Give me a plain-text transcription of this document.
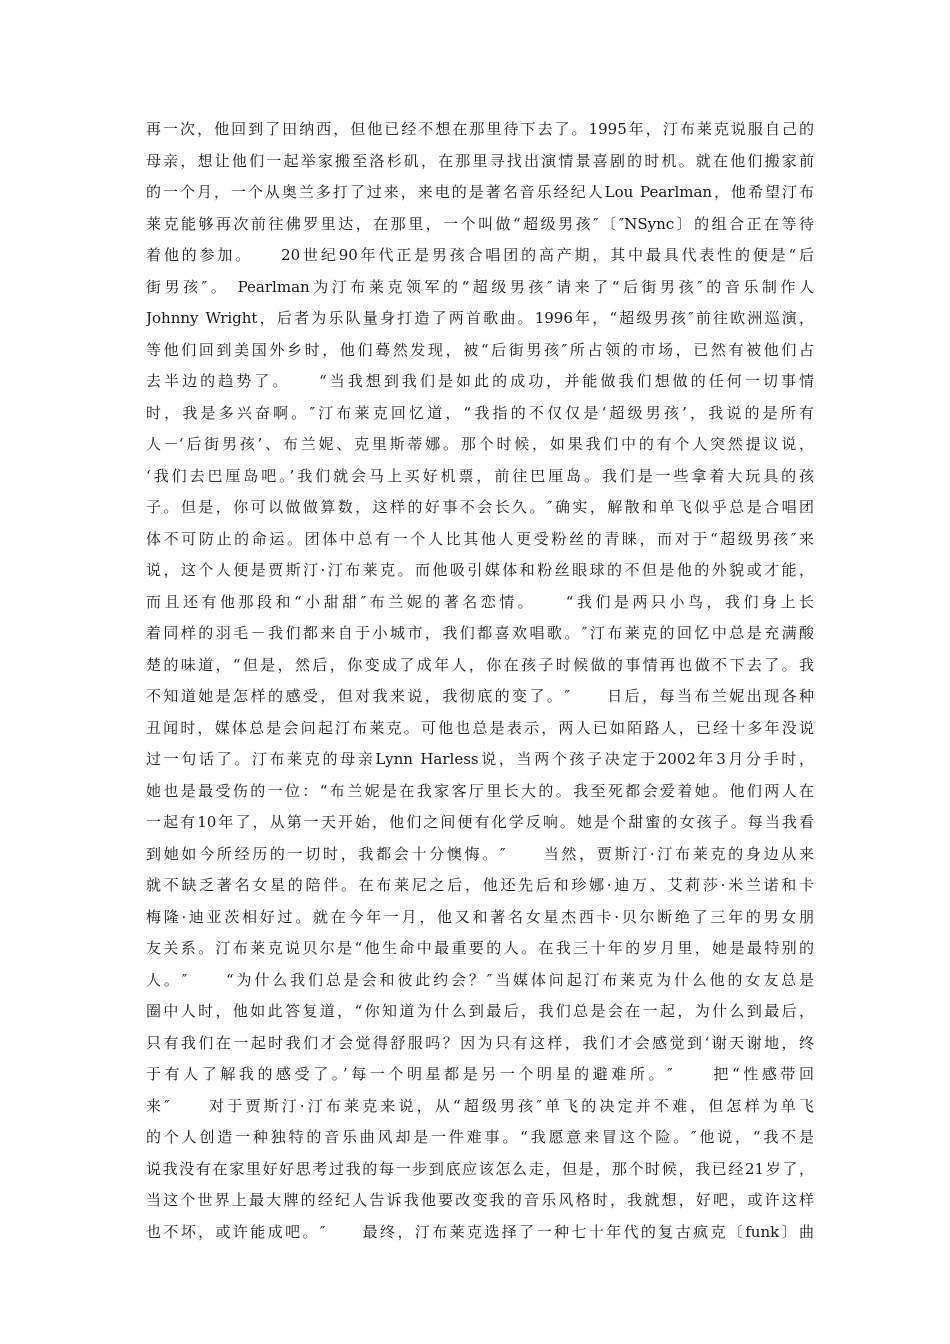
再一次，他回到了田纳西，但他已经不想在那里待下去了。1995年，汀布莱克说服自己的
母亲，想让他们一起举家搬至洛杉矶，在那里寻找出演情景喜剧的时机。就在他们搬家前
的一个月，一个从奥兰多打了过来，来电的是著名音乐经纪人Lou Pearlman，他希望汀布
莱克能够再次前往佛罗里达，在那里，一个叫做“超级男孩″〔″NSync〕的组合正在等待
着他的参加。　　20世纪90年代正是男孩合唱团的高产期，其中最具代表性的便是“后
街男孩″。 Pearlman为汀布莱克领军的“超级男孩″请来了“后街男孩″的音乐制作人
Johnny Wright，后者为乐队量身打造了两首歌曲。1996年，“超级男孩″前往欧洲巡演，
等他们回到美国外乡时，他们蓦然发现，被“后街男孩″所占领的市场，已然有被他们占
去半边的趋势了。　　“当我想到我们是如此的成功，并能做我们想做的任何一切事情
时，我是多兴奋啊。″汀布莱克回忆道，“我指的不仅仅是‘超级男孩’，我说的是所有
人－‘后街男孩’、布兰妮、克里斯蒂娜。那个时候，如果我们中的有个人突然提议说，
‘我们去巴厘岛吧。’我们就会马上买好机票，前往巴厘岛。我们是一些拿着大玩具的孩
子。但是，你可以做做算数，这样的好事不会长久。″确实，解散和单飞似乎总是合唱团
体不可防止的命运。团体中总有一个人比其他人更受粉丝的青睐，而对于“超级男孩″来
说，这个人便是贾斯汀·汀布莱克。而他吸引媒体和粉丝眼球的不但是他的外貌或才能，
而且还有他那段和“小甜甜″布兰妮的著名恋情。　　“我们是两只小鸟，我们身上长
着同样的羽毛－我们都来自于小城市，我们都喜欢唱歌。″汀布莱克的回忆中总是充满酸
楚的味道，“但是，然后，你变成了成年人，你在孩子时候做的事情再也做不下去了。我
不知道她是怎样的感受，但对我来说，我彻底的变了。″　　日后，每当布兰妮出现各种
丑闻时，媒体总是会问起汀布莱克。可他也总是表示，两人已如陌路人，已经十多年没说
过一句话了。汀布莱克的母亲Lynn Harless说，当两个孩子决定于2002年3月分手时，
她也是最受伤的一位：“布兰妮是在我家客厅里长大的。我至死都会爱着她。他们两人在
一起有10年了，从第一天开始，他们之间便有化学反响。她是个甜蜜的女孩子。每当我看
到她如今所经历的一切时，我都会十分懊悔。″　　当然，贾斯汀·汀布莱克的身边从来
就不缺乏著名女星的陪伴。在布莱尼之后，他还先后和珍娜·迪万、艾莉莎·米兰诺和卡
梅隆·迪亚茨相好过。就在今年一月，他又和著名女星杰西卡·贝尔断绝了三年的男女朋
友关系。汀布莱克说贝尔是“他生命中最重要的人。在我三十年的岁月里，她是最特别的
人。″　　“为什么我们总是会和彼此约会？″当媒体问起汀布莱克为什么他的女友总是
圈中人时，他如此答复道，“你知道为什么到最后，我们总是会在一起，为什么到最后，
只有我们在一起时我们才会觉得舒服吗？因为只有这样，我们才会感觉到‘谢天谢地，终
于有人了解我的感受了。’每一个明星都是另一个明星的避难所。″　　把“性感带回
来″　　对于贾斯汀·汀布莱克来说，从“超级男孩″单飞的决定并不难，但怎样为单飞
的个人创造一种独特的音乐曲风却是一件难事。“我愿意来冒这个险。″他说，“我不是
说我没有在家里好好思考过我的每一步到底应该怎么走，但是，那个时候，我已经21岁了，
当这个世界上最大牌的经纪人告诉我他要改变我的音乐风格时，我就想，好吧，或许这样
也不坏，或许能成吧。″　　最终，汀布莱克选择了一种七十年代的复古疯克〔funk〕曲
